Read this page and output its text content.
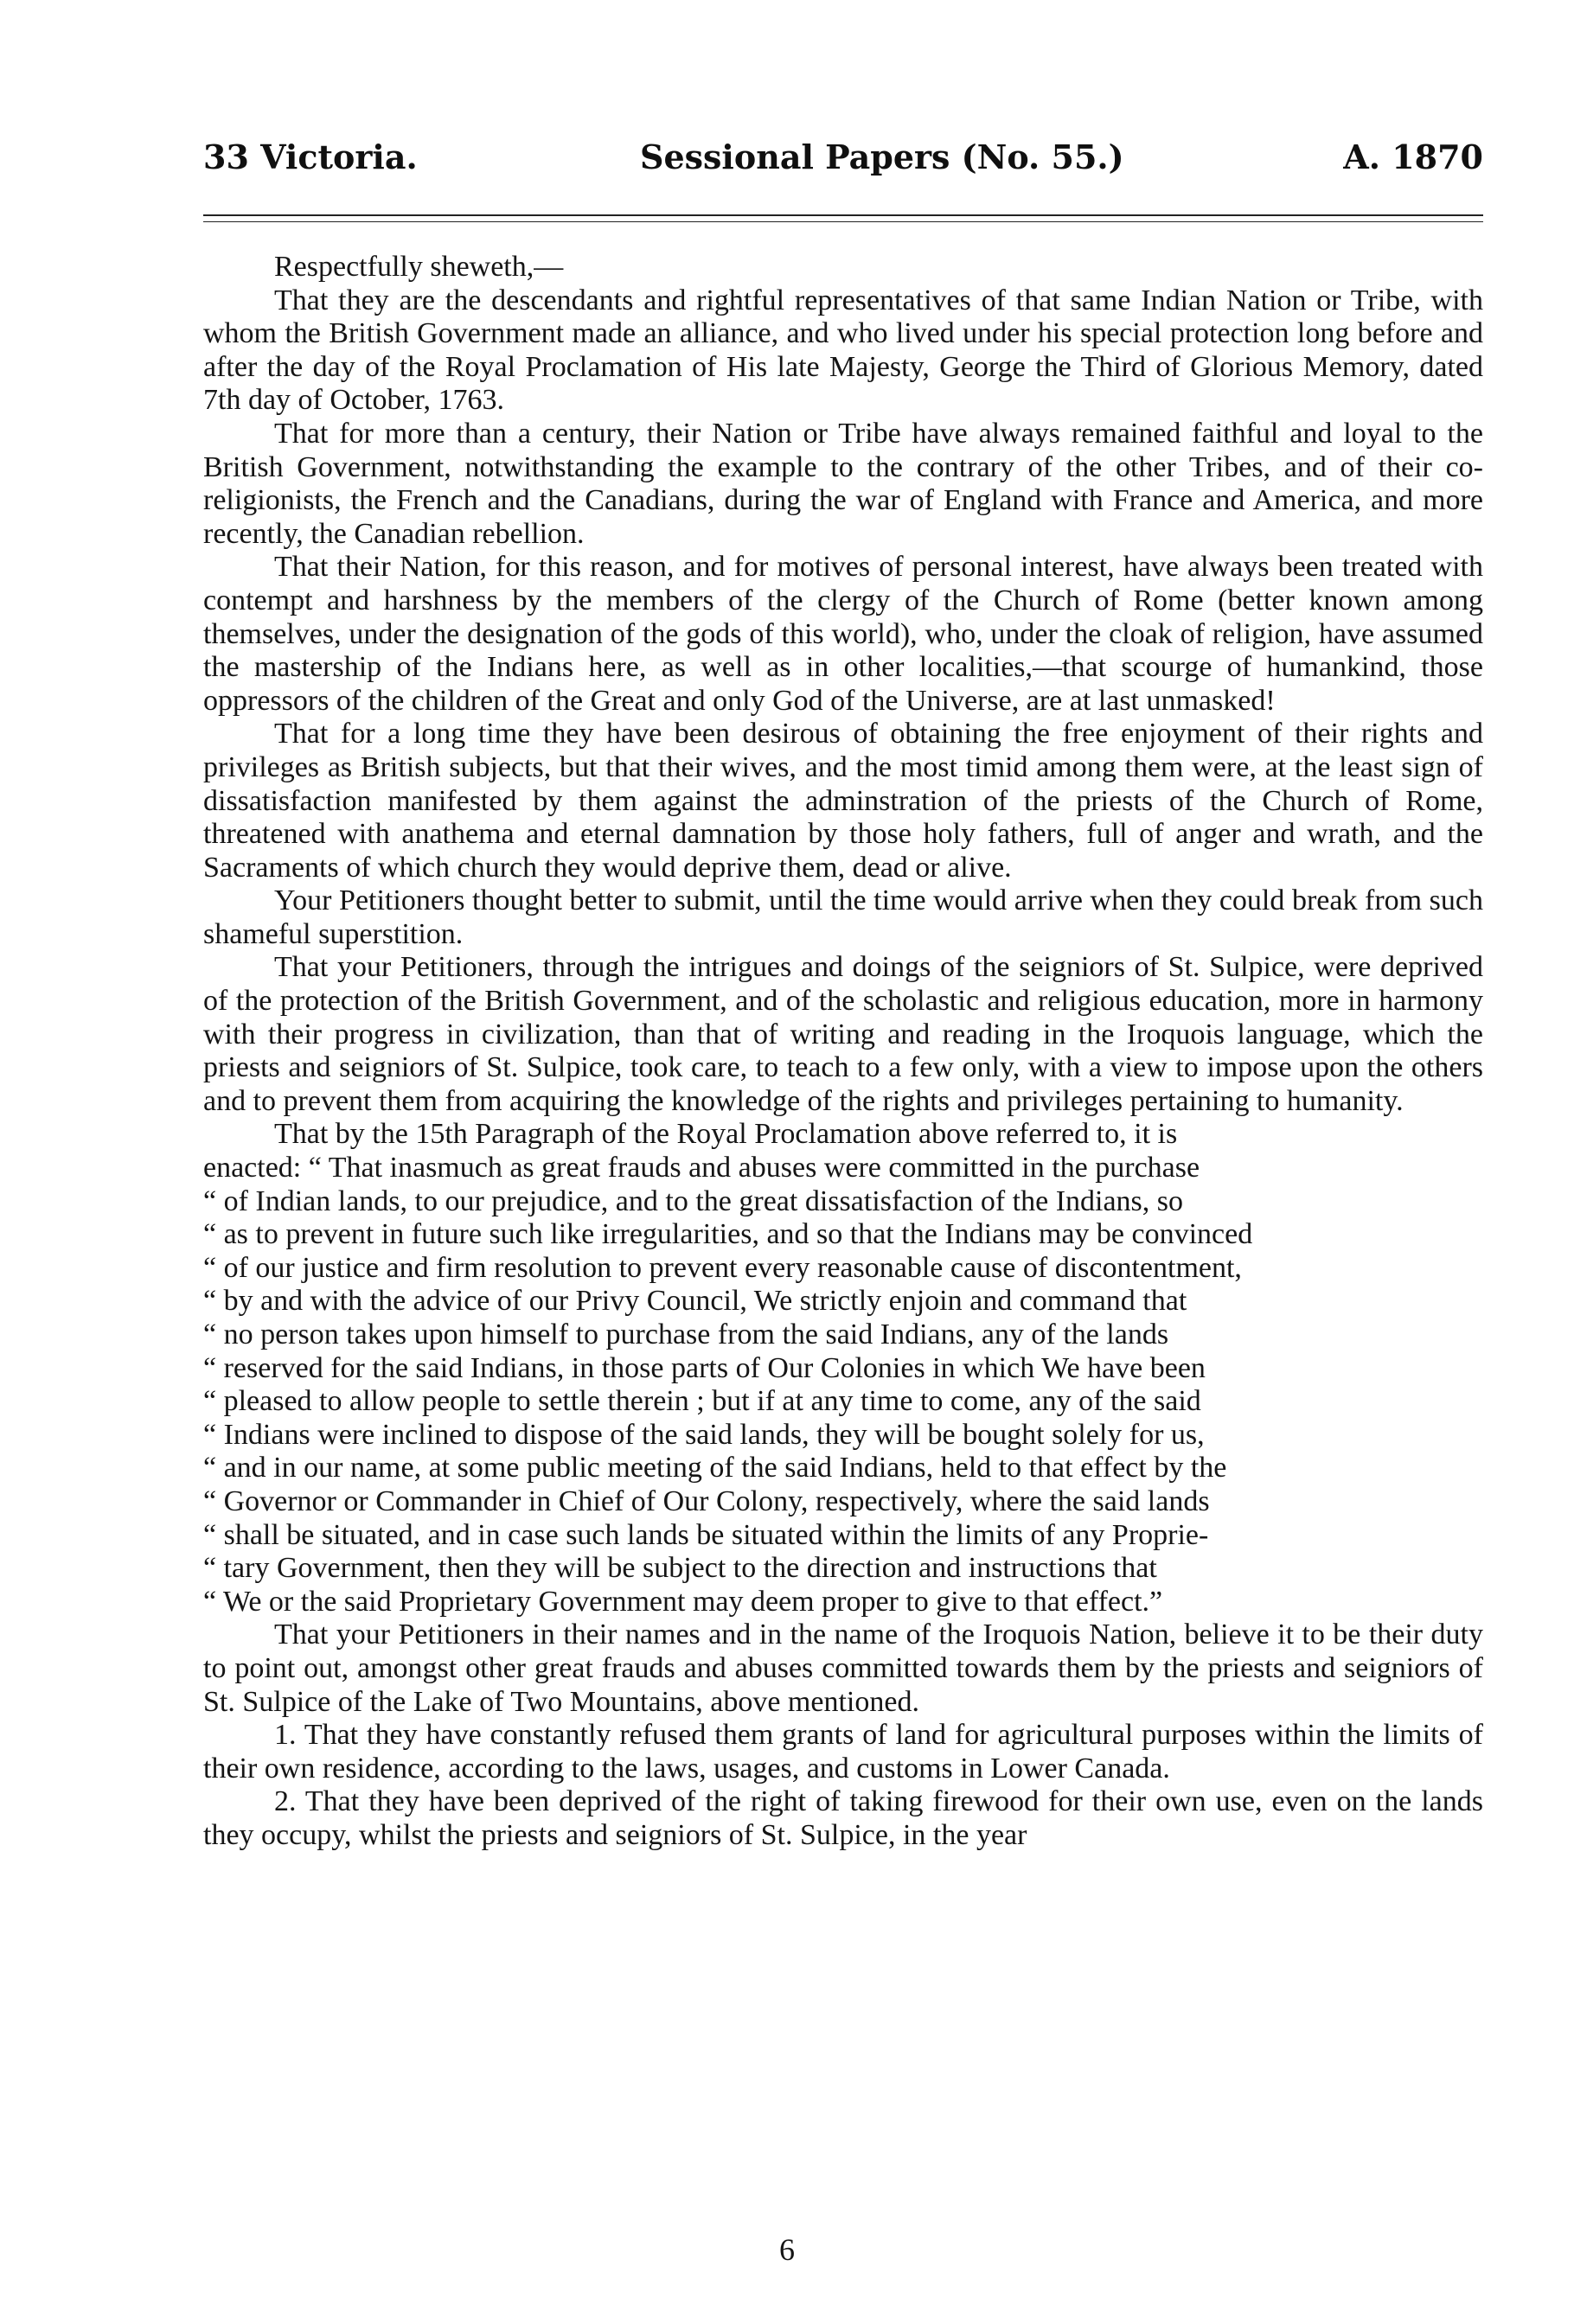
33 Victoria.	Sessional Papers (No. 55.)	A. 1870

Respectfully sheweth,—

That they are the descendants and rightful representatives of that same Indian Nation or Tribe, with whom the British Government made an alliance, and who lived under his special protection long before and after the day of the Royal Proclamation of His late Majesty, George the Third of Glorious Memory, dated 7th day of October, 1763.

That for more than a century, their Nation or Tribe have always remained faithful and loyal to the British Government, notwithstanding the example to the contrary of the other Tribes, and of their co-religionists, the French and the Canadians, during the war of England with France and America, and more recently, the Canadian rebellion.

That their Nation, for this reason, and for motives of personal interest, have always been treated with contempt and harshness by the members of the clergy of the Church of Rome (better known among themselves, under the designation of the gods of this world), who, under the cloak of religion, have assumed the mastership of the Indians here, as well as in other localities,—that scourge of humankind, those oppressors of the children of the Great and only God of the Universe, are at last unmasked!

That for a long time they have been desirous of obtaining the free enjoyment of their rights and privileges as British subjects, but that their wives, and the most timid among them were, at the least sign of dissatisfaction manifested by them against the adminstration of the priests of the Church of Rome, threatened with anathema and eternal damnation by those holy fathers, full of anger and wrath, and the Sacraments of which church they would deprive them, dead or alive.

Your Petitioners thought better to submit, until the time would arrive when they could break from such shameful superstition.

That your Petitioners, through the intrigues and doings of the seigniors of St. Sulpice, were deprived of the protection of the British Government, and of the scholastic and religious education, more in harmony with their progress in civilization, than that of writing and reading in the Iroquois language, which the priests and seigniors of St. Sulpice, took care, to teach to a few only, with a view to impose upon the others and to prevent them from acquiring the knowledge of the rights and privileges pertaining to humanity.

That by the 15th Paragraph of the Royal Proclamation above referred to, it is

enacted: “ That inasmuch as great frauds and abuses were committed in the purchase

“ of Indian lands, to our prejudice, and to the great dissatisfaction of the Indians, so

“ as to prevent in future such like irregularities, and so that the Indians may be convinced

“ of our justice and firm resolution to prevent every reasonable cause of discontentment,

“ by and with the advice of our Privy Council, We strictly enjoin and command that

“ no person takes upon himself to purchase from the said Indians, any of the lands

“ reserved for the said Indians, in those parts of Our Colonies in which We have been

“ pleased to allow people to settle therein ; but if at any time to come, any of the said

“ Indians were inclined to dispose of the said lands, they will be bought solely for us,

“ and in our name, at some public meeting of the said Indians, held to that effect by the

“ Governor or Commander in Chief of Our Colony, respectively, where the said lands

“ shall be situated, and in case such lands be situated within the limits of any Proprie-

“ tary Government, then they will be subject to the direction and instructions that

“ We or the said Proprietary Government may deem proper to give to that effect.”

That your Petitioners in their names and in the name of the Iroquois Nation, believe it to be their duty to point out, amongst other great frauds and abuses committed towards them by the priests and seigniors of St. Sulpice of the Lake of Two Mountains, above mentioned.

1. That they have constantly refused them grants of land for agricultural purposes within the limits of their own residence, according to the laws, usages, and customs in Lower Canada.

2. That they have been deprived of the right of taking firewood for their own use, even on the lands they occupy, whilst the priests and seigniors of St. Sulpice, in the year

6
